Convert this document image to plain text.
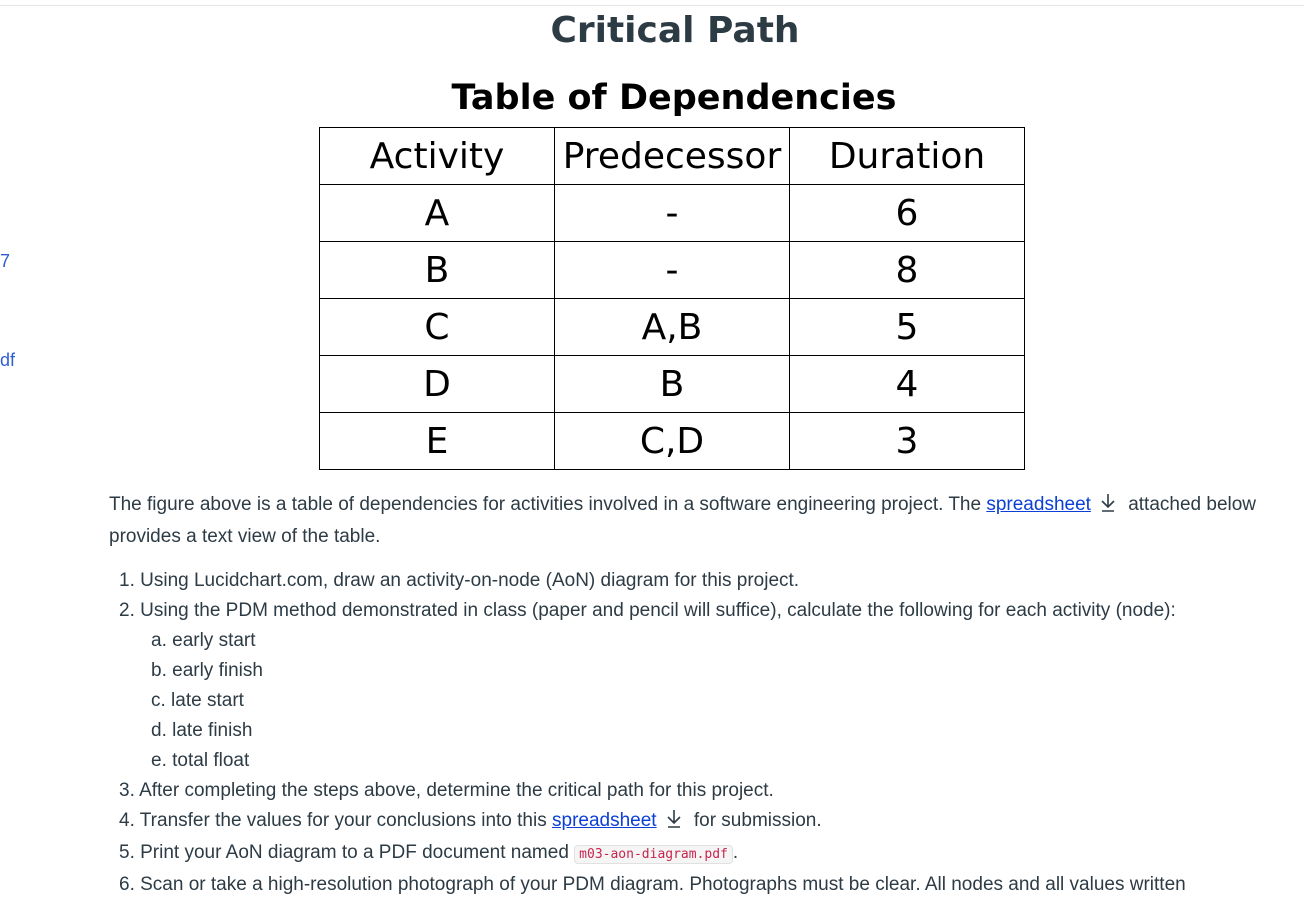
7
df
Critical Path
Table of Dependencies
Activity	Predecessor	Duration
A	-	6
B	-	8
C	A,B	5
D	B	4
E	C,D	3

The figure above is a table of dependencies for activities involved in a software engineering project. The spreadsheet attached below provides a text view of the table.

1. Using Lucidchart.com, draw an activity-on-node (AoN) diagram for this project.
2. Using the PDM method demonstrated in class (paper and pencil will suffice), calculate the following for each activity (node):
a. early start
b. early finish
c. late start
d. late finish
e. total float
3. After completing the steps above, determine the critical path for this project.
4. Transfer the values for your conclusions into this spreadsheet for submission.
5. Print your AoN diagram to a PDF document named m03-aon-diagram.pdf .
6. Scan or take a high-resolution photograph of your PDM diagram. Photographs must be clear. All nodes and all values written
